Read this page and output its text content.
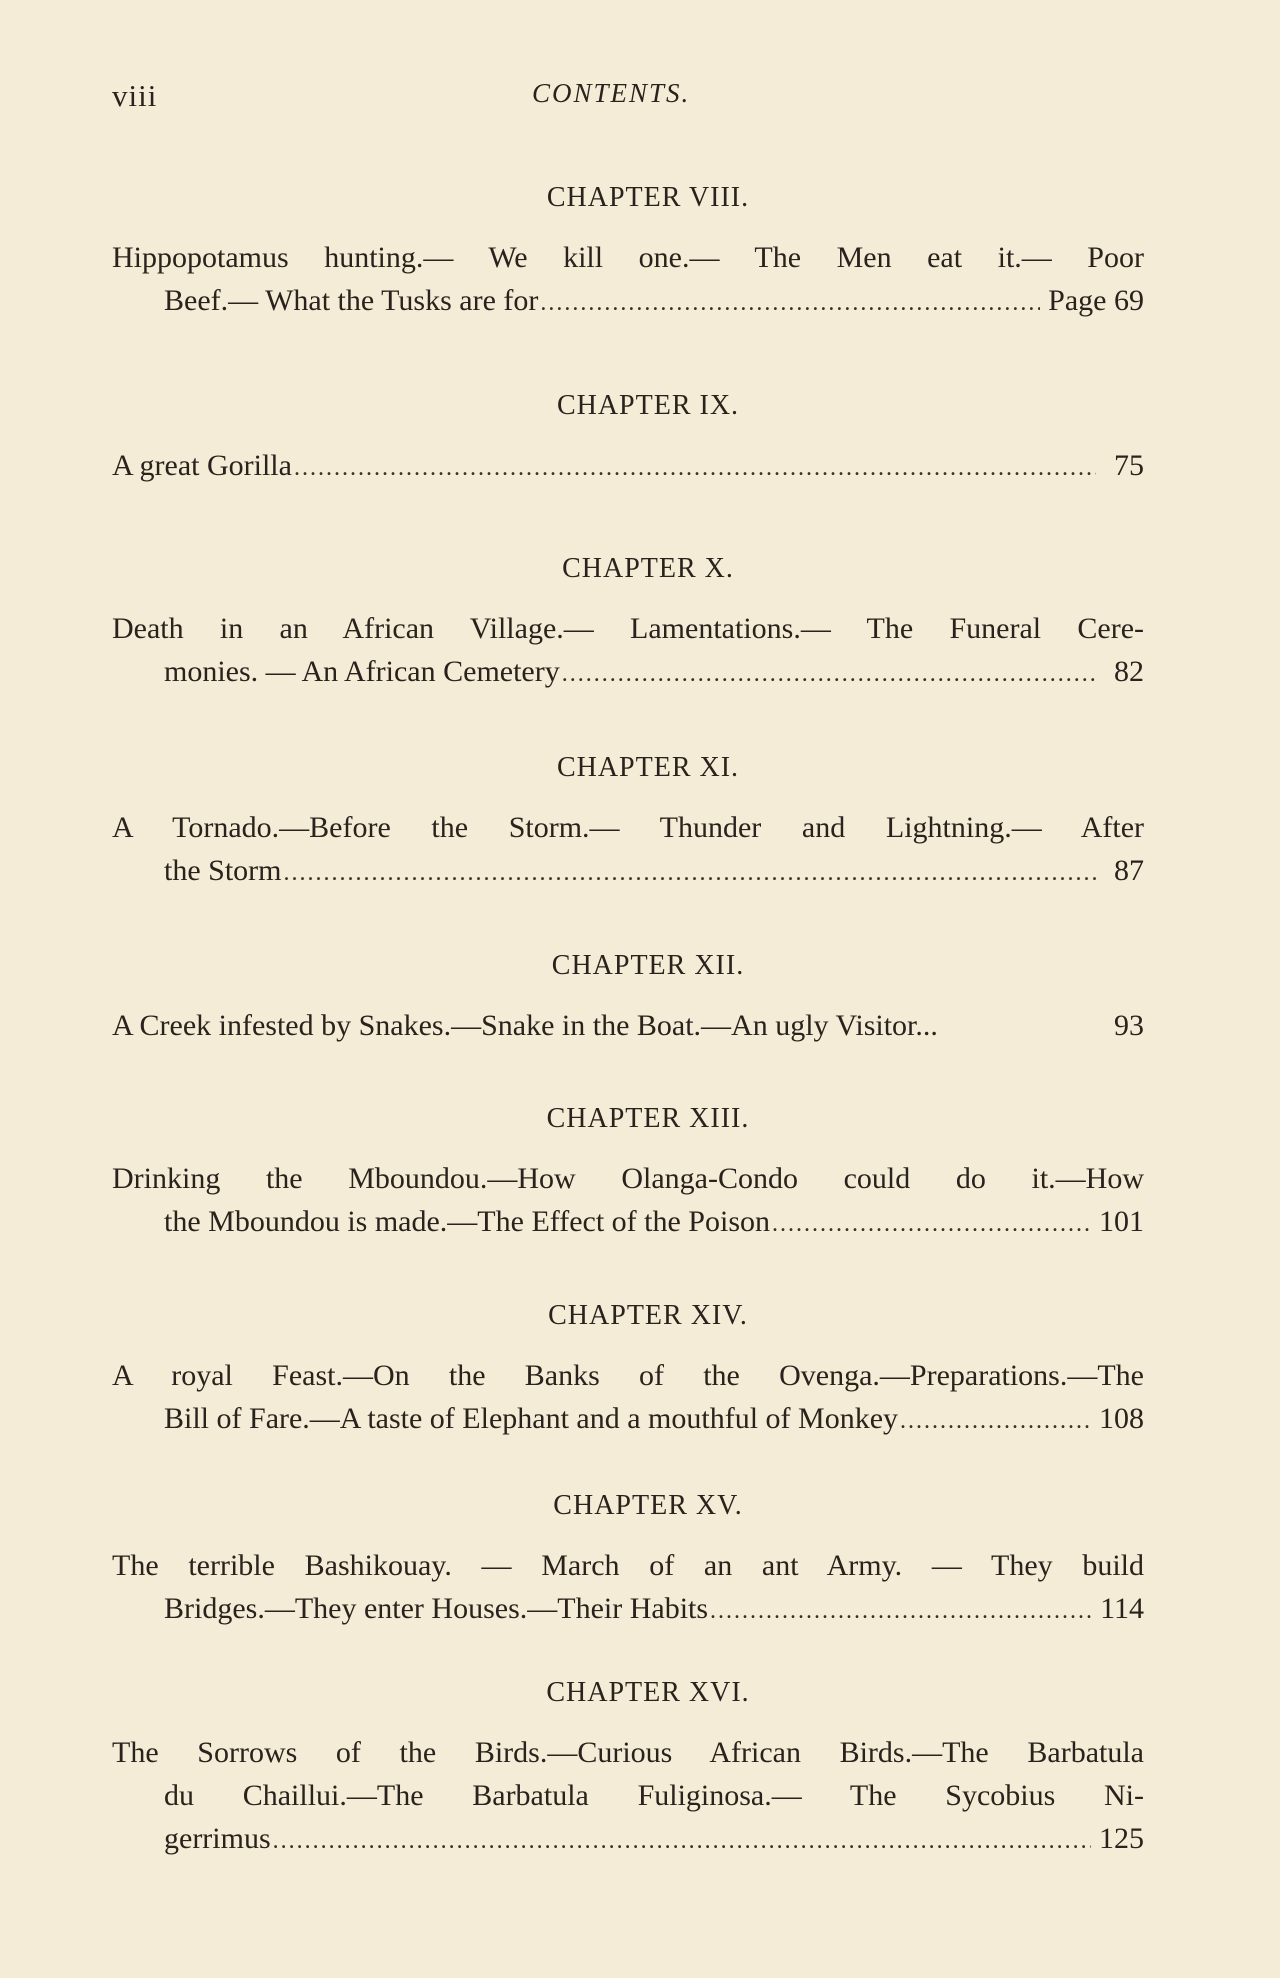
viii	CONTENTS.
CHAPTER VIII.
Hippopotamus hunting.— We kill one.— The Men eat it.— Poor
Beef.— What the Tusks are for .....	Page 69
CHAPTER IX.
A great Gorilla .....	75
CHAPTER X.
Death in an African Village.— Lamentations.— The Funeral Cere-
monies. — An African Cemetery .....	82
CHAPTER XI.
A Tornado.—Before the Storm.— Thunder and Lightning.— After
the Storm .....	87
CHAPTER XII.
A Creek infested by Snakes.—Snake in the Boat.—An ugly Visitor...	93
CHAPTER XIII.
Drinking the Mboundou.—How Olanga-Condo could do it.—How
the Mboundou is made.—The Effect of the Poison .....	101
CHAPTER XIV.
A royal Feast.—On the Banks of the Ovenga.—Preparations.—The
Bill of Fare.—A taste of Elephant and a mouthful of Monkey .....	108
CHAPTER XV.
The terrible Bashikouay. — March of an ant Army. — They build
Bridges.—They enter Houses.—Their Habits .....	114
CHAPTER XVI.
The Sorrows of the Birds.—Curious African Birds.—The Barbatula
du Chaillui.—The Barbatula Fuliginosa.— The Sycobius Ni-
gerrimus .....	125
